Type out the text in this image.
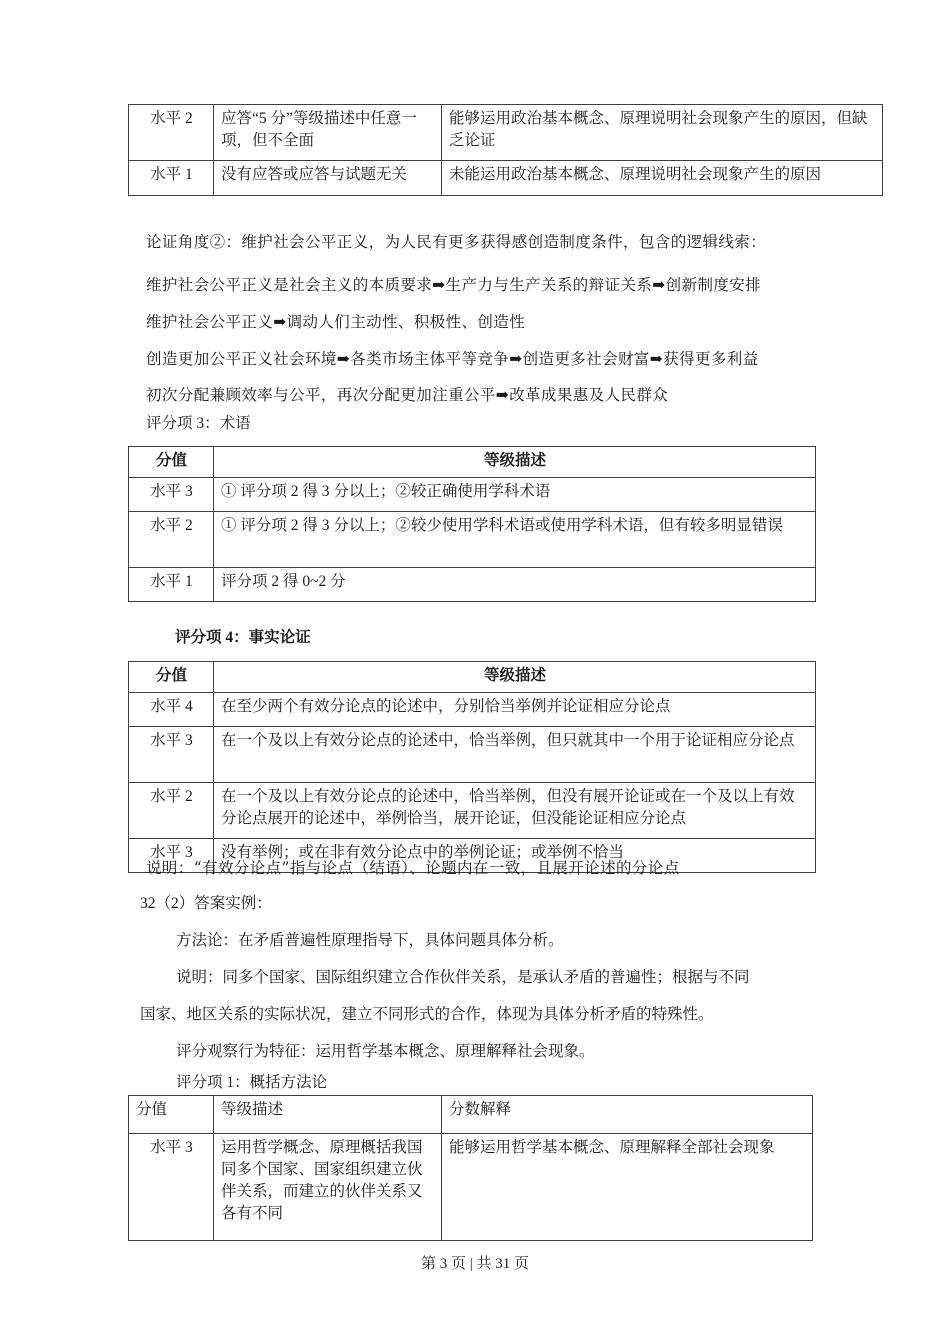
水平 2	应答“5 分”等级描述中任意一项，但不全面	能够运用政治基本概念、原理说明社会现象产生的原因，但缺乏论证
水平 1	没有应答或应答与试题无关	未能运用政治基本概念、原理说明社会现象产生的原因
论证角度②：维护社会公平正义，为人民有更多获得感创造制度条件，包含的逻辑线索：
维护社会公平正义是社会主义的本质要求➡生产力与生产关系的辩证关系➡创新制度安排
维护社会公平正义➡调动人们主动性、积极性、创造性
创造更加公平正义社会环境➡各类市场主体平等竞争➡创造更多社会财富➡获得更多利益
初次分配兼顾效率与公平，再次分配更加注重公平➡改革成果惠及人民群众
评分项 3：术语
分值	等级描述
水平 3	① 评分项 2 得 3 分以上；②较正确使用学科术语
水平 2	① 评分项 2 得 3 分以上；②较少使用学科术语或使用学科术语，但有较多明显错误
水平 1	评分项 2 得 0~2 分
评分项 4：事实论证
分值	等级描述
水平 4	在至少两个有效分论点的论述中，分别恰当举例并论证相应分论点
水平 3	在一个及以上有效分论点的论述中，恰当举例，但只就其中一个用于论证相应分论点
水平 2	在一个及以上有效分论点的论述中，恰当举例，但没有展开论证或在一个及以上有效分论点展开的论述中，举例恰当，展开论证，但没能论证相应分论点
水平 3	没有举例；或在非有效分论点中的举例论证；或举例不恰当
说明：“有效分论点”指与论点（结语）、论题内在一致，且展开论述的分论点
32（2）答案实例：
方法论：在矛盾普遍性原理指导下，具体问题具体分析。
说明：同多个国家、国际组织建立合作伙伴关系，是承认矛盾的普遍性；根据与不同
国家、地区关系的实际状况，建立不同形式的合作，体现为具体分析矛盾的特殊性。
评分观察行为特征：运用哲学基本概念、原理解释社会现象。
评分项 1：概括方法论
分值	等级描述	分数解释
水平 3	运用哲学概念、原理概括我国同多个国家、国家组织建立伙伴关系，而建立的伙伴关系又各有不同	能够运用哲学基本概念、原理解释全部社会现象
第 3 页 | 共 31 页
